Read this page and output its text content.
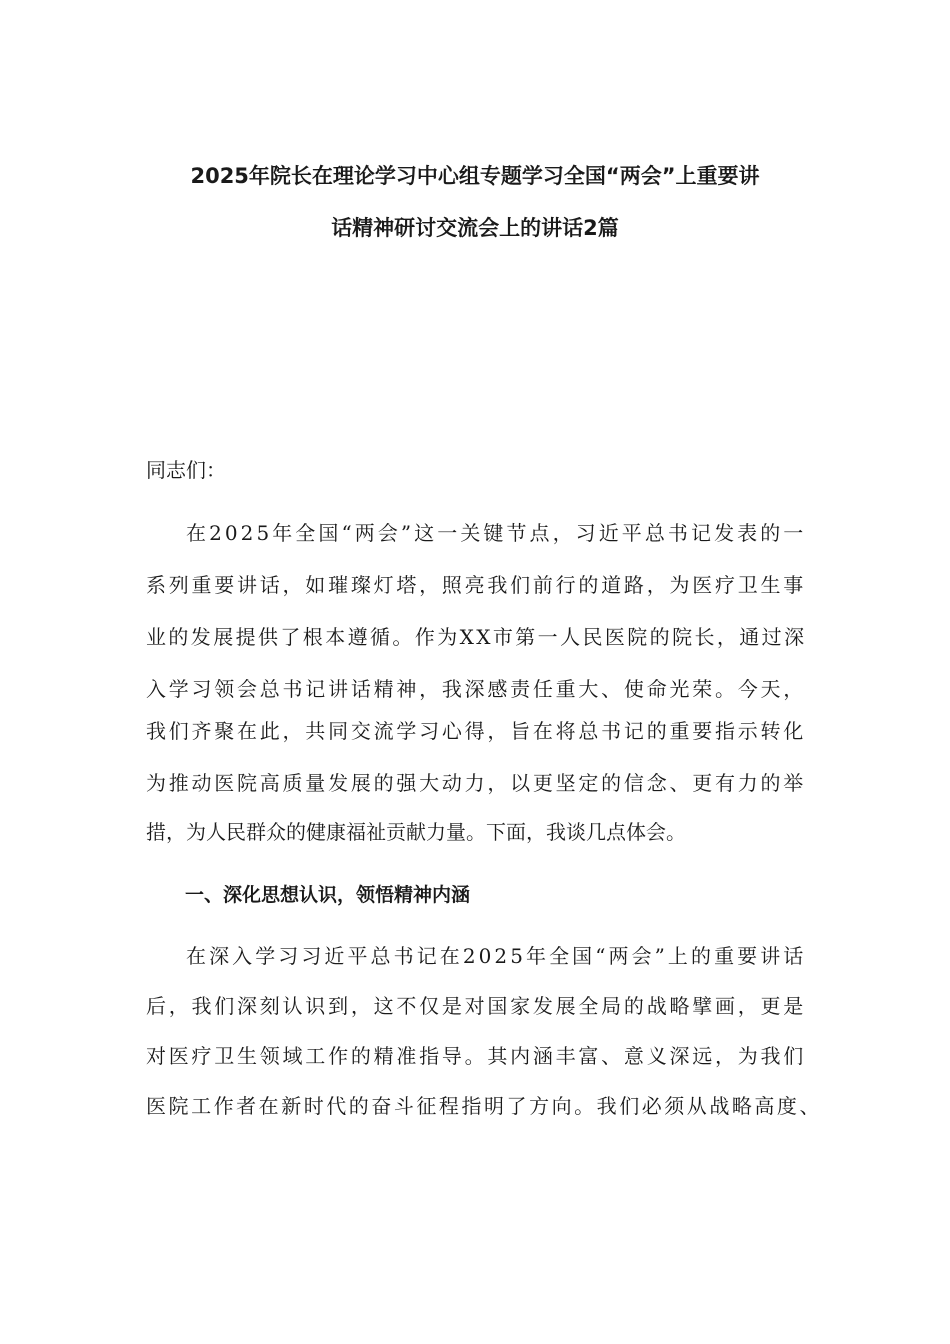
2025年院长在理论学习中心组专题学习全国“两会”上重要讲
话精神研讨交流会上的讲话2篇

同志们：

在2025年全国“两会”这一关键节点，习近平总书记发表的一

系列重要讲话，如璀璨灯塔，照亮我们前行的道路，为医疗卫生事

业的发展提供了根本遵循。作为XX市第一人民医院的院长，通过深

入学习领会总书记讲话精神，我深感责任重大、使命光荣。今天，

我们齐聚在此，共同交流学习心得，旨在将总书记的重要指示转化

为推动医院高质量发展的强大动力，以更坚定的信念、更有力的举

措，为人民群众的健康福祉贡献力量。下面，我谈几点体会。

一、深化思想认识，领悟精神内涵

在深入学习习近平总书记在2025年全国“两会”上的重要讲话

后，我们深刻认识到，这不仅是对国家发展全局的战略擘画，更是

对医疗卫生领域工作的精准指导。其内涵丰富、意义深远，为我们

医院工作者在新时代的奋斗征程指明了方向。我们必须从战略高度、
